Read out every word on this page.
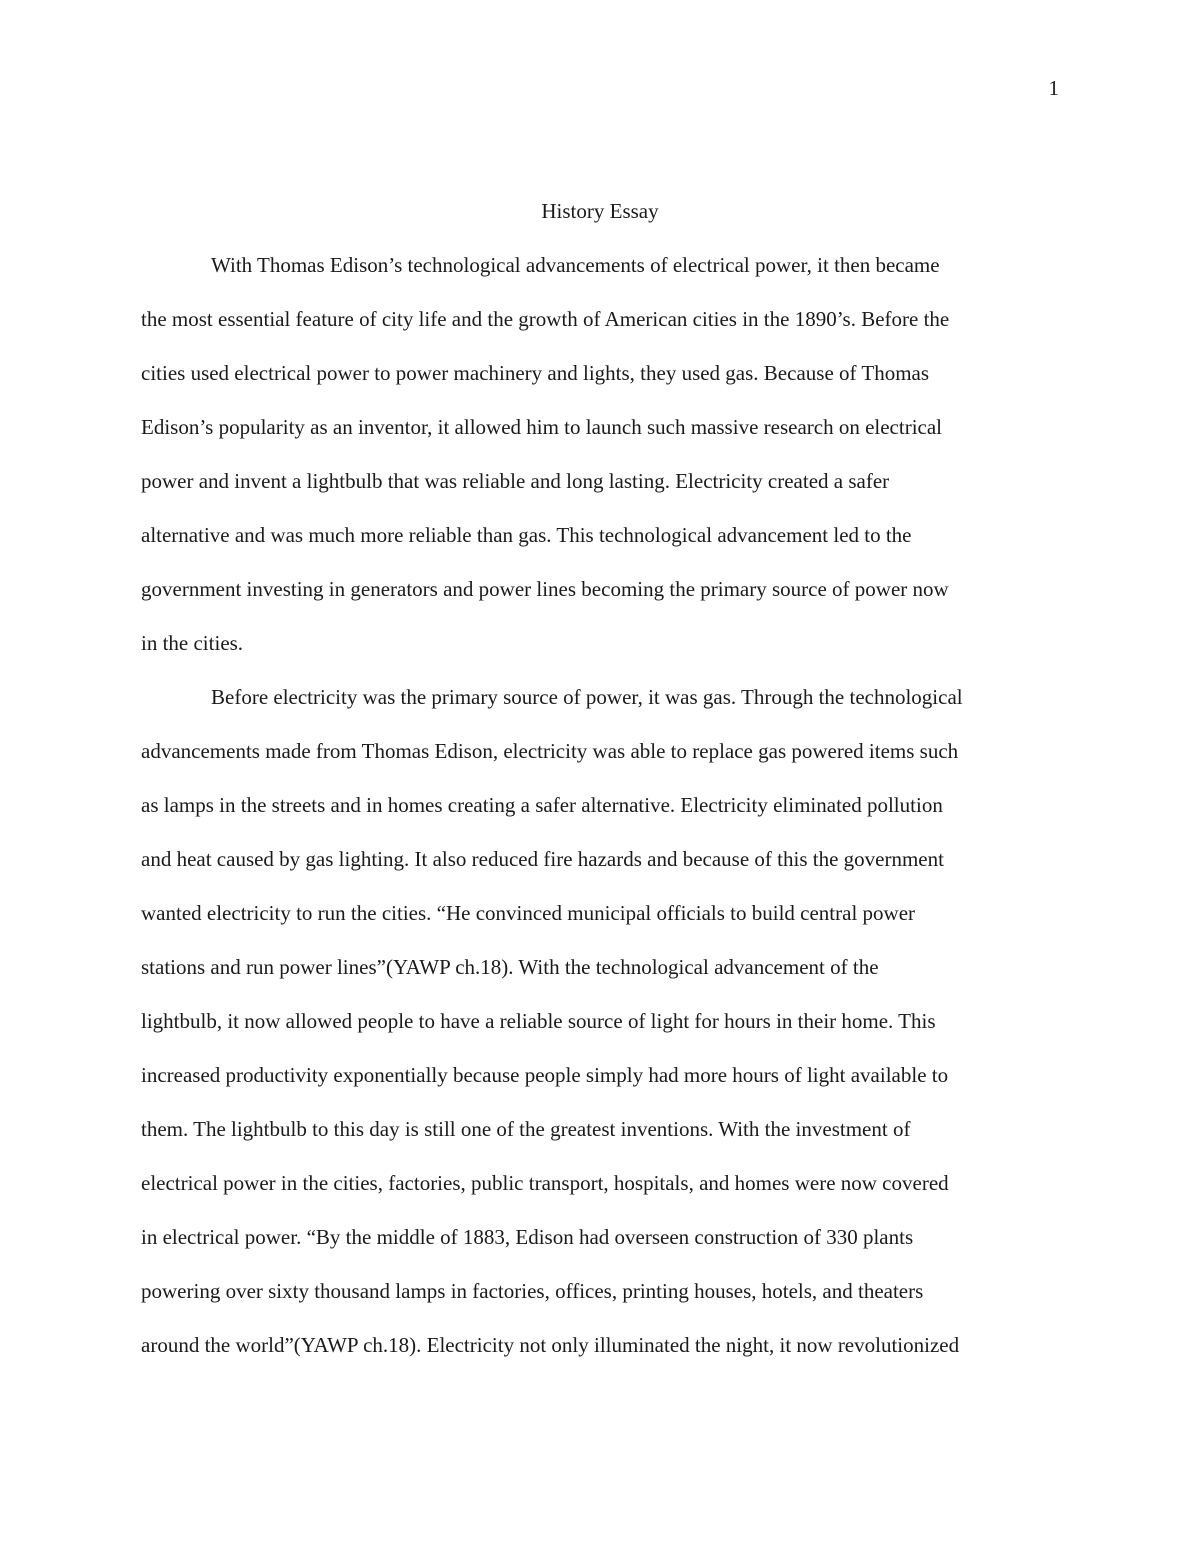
1
History Essay
With Thomas Edison’s technological advancements of electrical power, it then became
the most essential feature of city life and the growth of American cities in the 1890’s. Before the
cities used electrical power to power machinery and lights, they used gas. Because of Thomas
Edison’s popularity as an inventor, it allowed him to launch such massive research on electrical
power and invent a lightbulb that was reliable and long lasting. Electricity created a safer
alternative and was much more reliable than gas. This technological advancement led to the
government investing in generators and power lines becoming the primary source of power now
in the cities.
Before electricity was the primary source of power, it was gas. Through the technological
advancements made from Thomas Edison, electricity was able to replace gas powered items such
as lamps in the streets and in homes creating a safer alternative. Electricity eliminated pollution
and heat caused by gas lighting. It also reduced fire hazards and because of this the government
wanted electricity to run the cities. “He convinced municipal officials to build central power
stations and run power lines”(YAWP ch.18). With the technological advancement of the
lightbulb, it now allowed people to have a reliable source of light for hours in their home. This
increased productivity exponentially because people simply had more hours of light available to
them. The lightbulb to this day is still one of the greatest inventions. With the investment of
electrical power in the cities, factories, public transport, hospitals, and homes were now covered
in electrical power. “By the middle of 1883, Edison had overseen construction of 330 plants
powering over sixty thousand lamps in factories, offices, printing houses, hotels, and theaters
around the world”(YAWP ch.18). Electricity not only illuminated the night, it now revolutionized
